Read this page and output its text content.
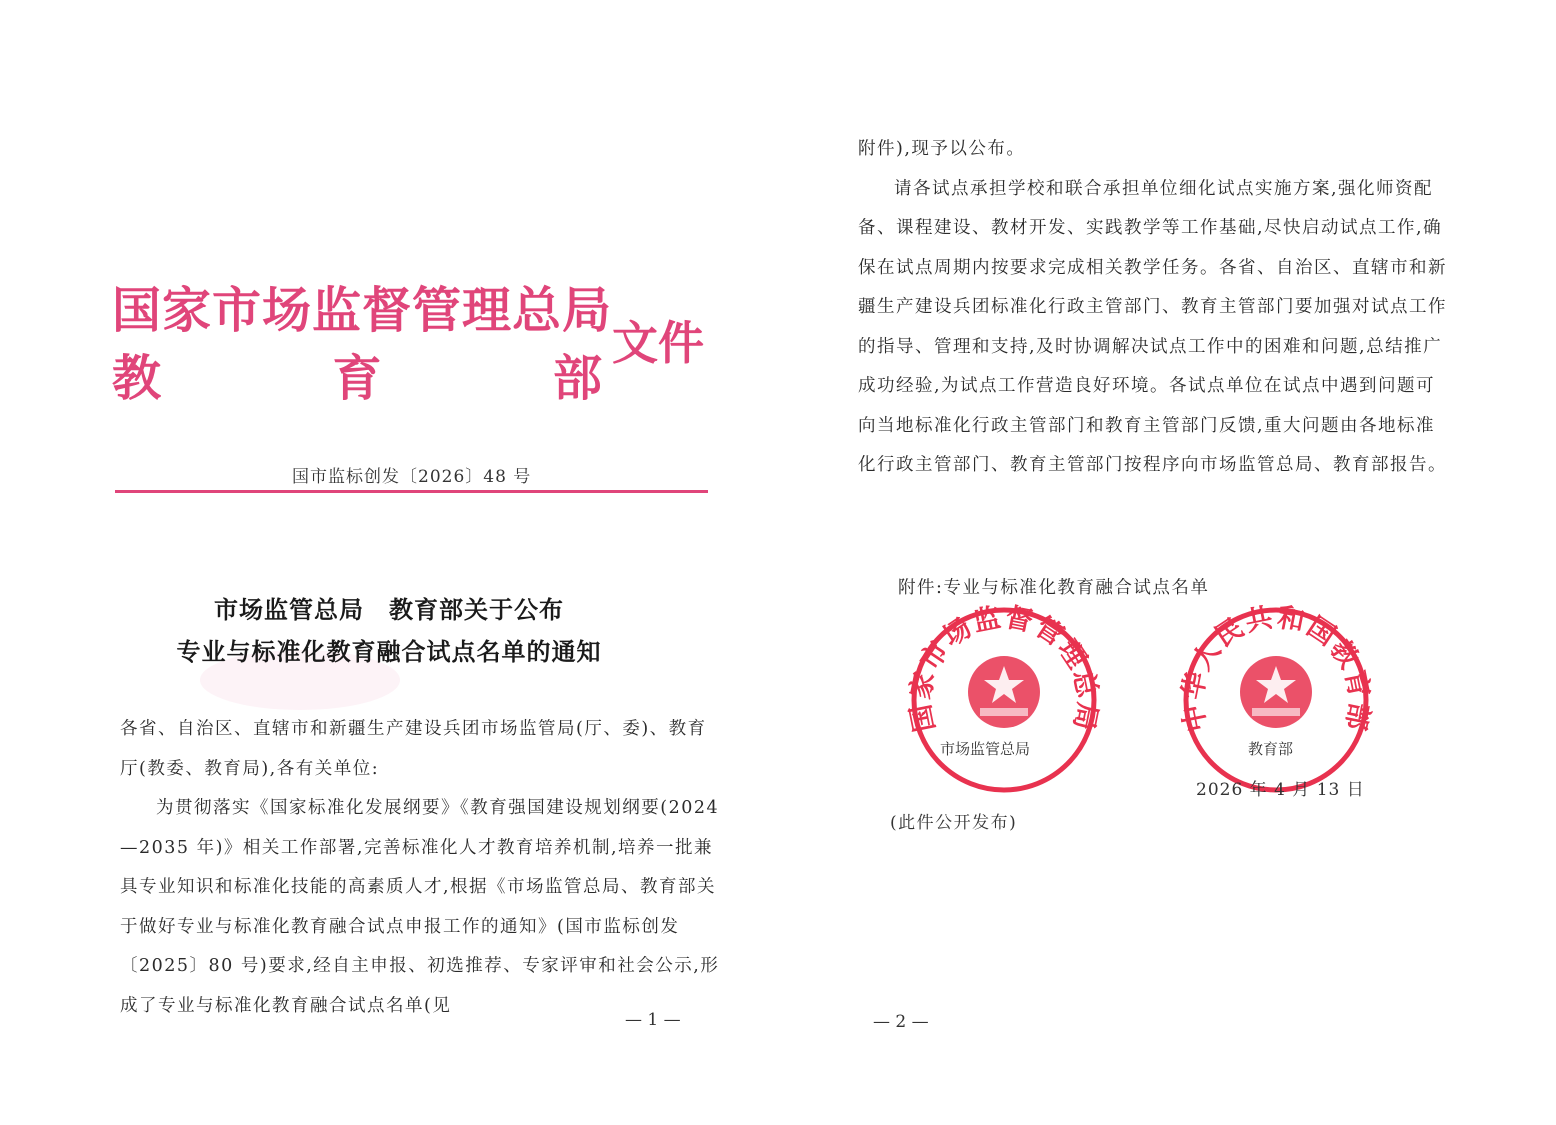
国家市场监督管理总局
教	育	部
文件
国市监标创发〔2026〕48 号
市场监管总局　教育部关于公布
专业与标准化教育融合试点名单的通知

各省、自治区、直辖市和新疆生产建设兵团市场监管局(厅、委)、教育厅(教委、教育局),各有关单位:

为贯彻落实《国家标准化发展纲要》《教育强国建设规划纲要(2024—2035 年)》相关工作部署,完善标准化人才教育培养机制,培养一批兼具专业知识和标准化技能的高素质人才,根据《市场监管总局、教育部关于做好专业与标准化教育融合试点申报工作的通知》(国市监标创发〔2025〕80 号)要求,经自主申报、初选推荐、专家评审和社会公示,形成了专业与标准化教育融合试点名单(见

— 1 —

附件),现予以公布。

请各试点承担学校和联合承担单位细化试点实施方案,强化师资配备、课程建设、教材开发、实践教学等工作基础,尽快启动试点工作,确保在试点周期内按要求完成相关教学任务。各省、自治区、直辖市和新疆生产建设兵团标准化行政主管部门、教育主管部门要加强对试点工作的指导、管理和支持,及时协调解决试点工作中的困难和问题,总结推广成功经验,为试点工作营造良好环境。各试点单位在试点中遇到问题可向当地标准化行政主管部门和教育主管部门反馈,重大问题由各地标准化行政主管部门、教育主管部门按程序向市场监管总局、教育部报告。

附件:专业与标准化教育融合试点名单
国家市场监督管理总局	中华人民共和国教育部
市场监管总局	教育部
2026 年 4 月 13 日
(此件公开发布)
— 2 —
